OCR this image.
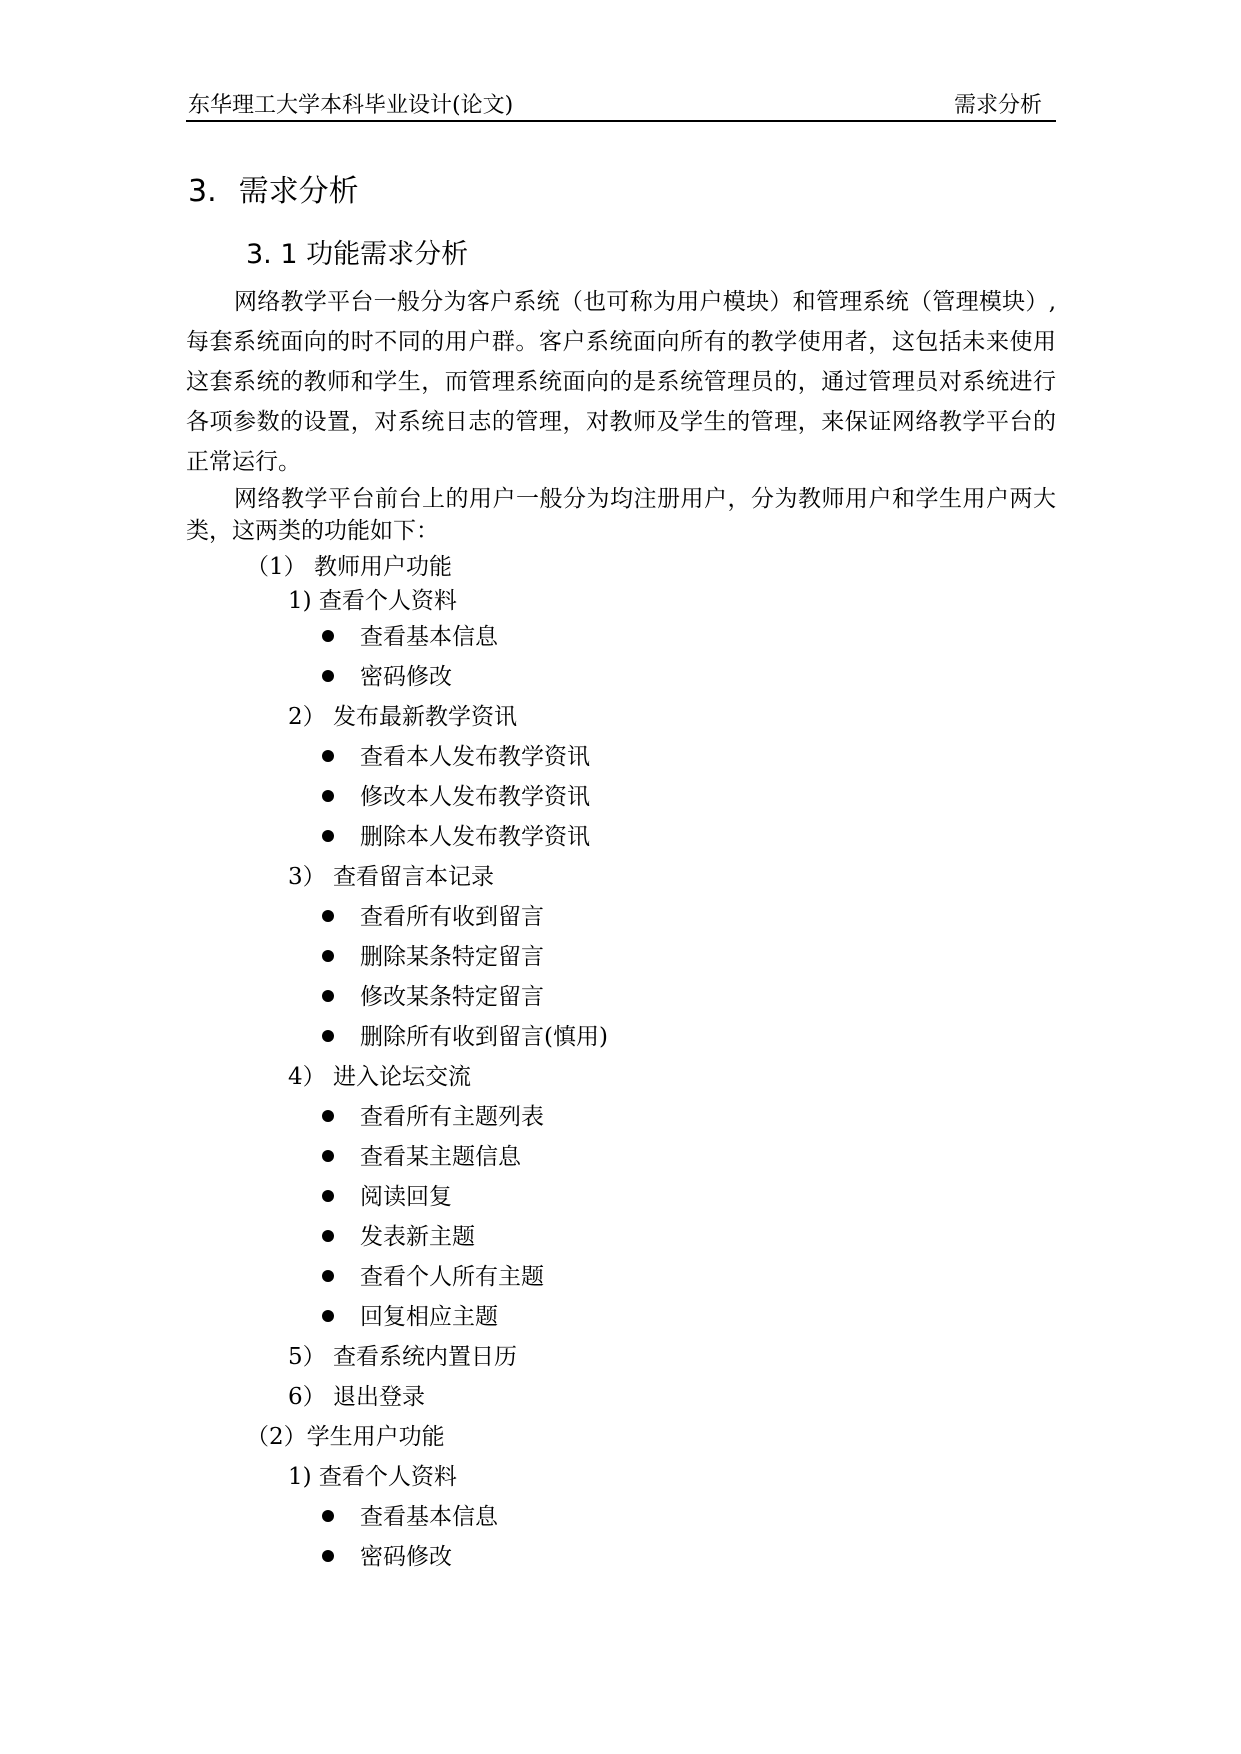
东华理工大学本科毕业设计(论文)	需求分析
3. 需求分析
3. 1 功能需求分析
网络教学平台一般分为客户系统（也可称为用户模块）和管理系统（管理模块）,每套系统面向的时不同的用户群。客户系统面向所有的教学使用者，这包括未来使用这套系统的教师和学生，而管理系统面向的是系统管理员的，通过管理员对系统进行各项参数的设置，对系统日志的管理，对教师及学生的管理，来保证网络教学平台的正常运行。
网络教学平台前台上的用户一般分为均注册用户，分为教师用户和学生用户两大类，这两类的功能如下：
（1） 教师用户功能
1) 查看个人资料
查看基本信息
密码修改
2） 发布最新教学资讯
查看本人发布教学资讯
修改本人发布教学资讯
删除本人发布教学资讯
3） 查看留言本记录
查看所有收到留言
删除某条特定留言
修改某条特定留言
删除所有收到留言(慎用)
4） 进入论坛交流
查看所有主题列表
查看某主题信息
阅读回复
发表新主题
查看个人所有主题
回复相应主题
5） 查看系统内置日历
6） 退出登录
（2）学生用户功能
1) 查看个人资料
查看基本信息
密码修改
